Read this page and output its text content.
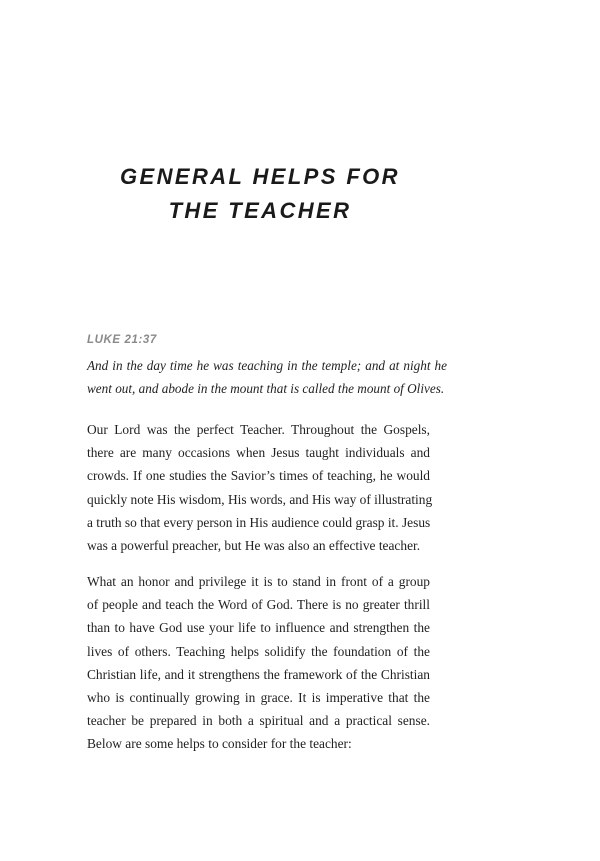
GENERAL HELPS FOR
THE TEACHER
LUKE 21:37
And in the day time he was teaching in the temple; and at night he
went out, and abode in the mount that is called the mount of Olives.
Our Lord was the perfect Teacher. Throughout the Gospels,
there are many occasions when Jesus taught individuals and
crowds. If one studies the Savior’s times of teaching, he would
quickly note His wisdom, His words, and His way of illustrating
a truth so that every person in His audience could grasp it. Jesus
was a powerful preacher, but He was also an effective teacher.
What an honor and privilege it is to stand in front of a group
of people and teach the Word of God. There is no greater thrill
than to have God use your life to influence and strengthen the
lives of others. Teaching helps solidify the foundation of the
Christian life, and it strengthens the framework of the Christian
who is continually growing in grace. It is imperative that the
teacher be prepared in both a spiritual and a practical sense.
Below are some helps to consider for the teacher:
